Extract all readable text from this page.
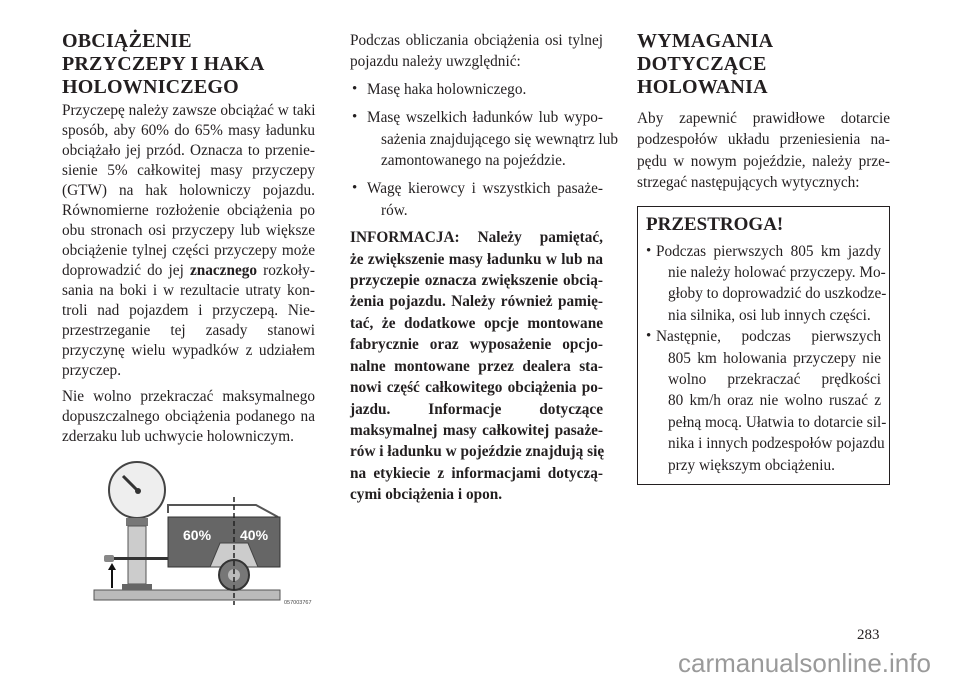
OBCIĄŻENIE
PRZYCZEPY I HAKA
HOLOWNICZEGO
Przyczepę należy zawsze obciążać w taki
sposób, aby 60% do 65% masy ładunku
obciążało jej przód. Oznacza to przenie-
sienie 5% całkowitej masy przyczepy
(GTW) na hak holowniczy pojazdu.
Równomierne rozłożenie obciążenia po
obu stronach osi przyczepy lub większe
obciążenie tylnej części przyczepy może
doprowadzić do jej znacznego rozkoły-
sania na boki i w rezultacie utraty kon-
troli nad pojazdem i przyczepą. Nie-
przestrzeganie tej zasady stanowi
przyczynę wielu wypadków z udziałem
przyczep.
Nie wolno przekraczać maksymalnego
dopuszczalnego obciążenia podanego na
zderzaku lub uchwycie holowniczym.
60% 40%
057003767
Podczas obliczania obciążenia osi tylnej
pojazdu należy uwzględnić:
• Masę haka holowniczego.
• Masę wszelkich ładunków lub wypo-
sażenia znajdującego się wewnątrz lub
zamontowanego na pojeździe.
• Wagę kierowcy i wszystkich pasaże-
rów.
INFORMACJA: Należy pamiętać,
że zwiększenie masy ładunku w lub na
przyczepie oznacza zwiększenie obcią-
żenia pojazdu. Należy również pamię-
tać, że dodatkowe opcje montowane
fabrycznie oraz wyposażenie opcjo-
nalne montowane przez dealera sta-
nowi część całkowitego obciążenia po-
jazdu. Informacje dotyczące
maksymalnej masy całkowitej pasaże-
rów i ładunku w pojeździe znajdują się
na etykiecie z informacjami dotyczą-
cymi obciążenia i opon.
WYMAGANIA
DOTYCZĄCE
HOLOWANIA
Aby zapewnić prawidłowe dotarcie
podzespołów układu przeniesienia na-
pędu w nowym pojeździe, należy prze-
strzegać następujących wytycznych:
PRZESTROGA!
• Podczas pierwszych 805 km jazdy
nie należy holować przyczepy. Mo-
głoby to doprowadzić do uszkodze-
nia silnika, osi lub innych części.
• Następnie, podczas pierwszych
805 km holowania przyczepy nie
wolno przekraczać prędkości
80 km/h oraz nie wolno ruszać z
pełną mocą. Ułatwia to dotarcie sil-
nika i innych podzespołów pojazdu
przy większym obciążeniu.
283
carmanualsonline.info
